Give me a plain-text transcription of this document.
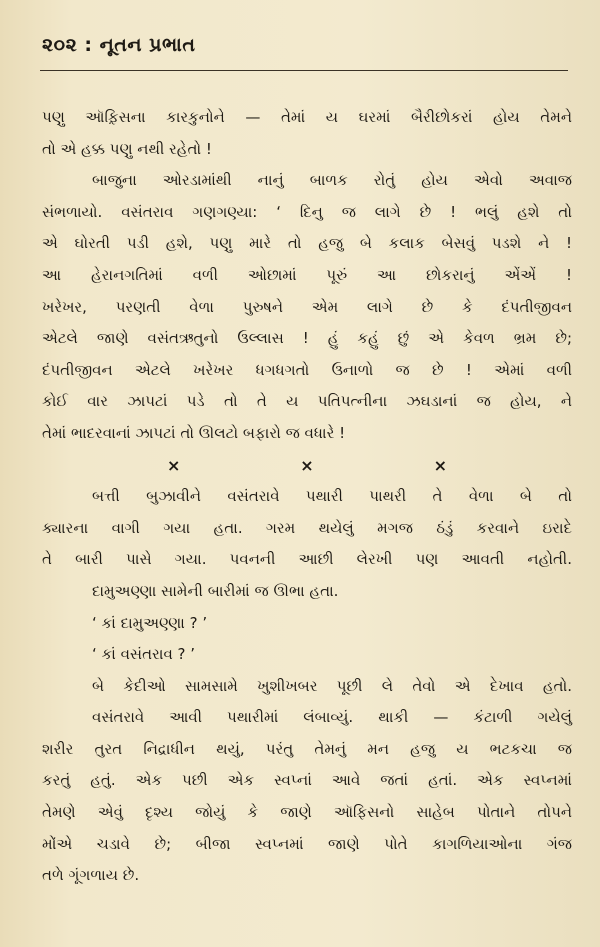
૨૦૨ : નૂતન પ્રભાત

પણુ ઑફ઼િસના કારકુનોને — તેમાં ય ઘરમાં બૈરીછોકરાં હોય તેમને

તો એ હક્ક પણુ નથી રહેતો !

બાજુના ઓરડામાંથી નાનું બાળક રોતું હોય એવો અવાજ

સંભળાયો. વસંતરાવ ગણગણ્યા: ‘ દિનુ જ લાગે છે ! ભલું હશે તો

એ ઘોરતી પડી હશે, પણુ મારે તો હજુ બે કલાક બેસવું પડશે ને !

આ હેરાનગતિમાં વળી ઓછામાં પૂરું આ છોકરાનું એંએં !

ખરેખર, પરણતી વેળા પુરુષને એમ લાગે છે કે દંપતીજીવન

એટલે જાણે વસંતઋતુનો ઉલ્લાસ ! હું કહું છું એ કેવળ ભ્રમ છે;

દંપતીજીવન એટલે ખરેખર ધગધગતો ઉનાળો જ છે ! એમાં વળી

કોઈ વાર ઝાપટાં પડે તો તે ય પતિપત્નીના ઝઘડાનાં જ હોય, ને

તેમાં ભાદરવાનાં ઝાપટાં તો ઊલટો બફારો જ વધારે !

×	×	×

બત્તી બુઝાવીને વસંતરાવે પથારી પાથરી તે વેળા બે તો

ક્યારના વાગી ગયા હતા. ગરમ થયેલું મગજ ઠંડું કરવાને ઇરાદે

તે બારી પાસે ગયા. પવનની આછી લેરખી પણ આવતી નહોતી.

દામુઅણ્ણા સામેની બારીમાં જ ઊભા હતા.

‘ કાં દામુઅણ્ણા ? ’

‘ કાં વસંતરાવ ? ’

બે કેદીઓ સામસામે ખુશીખબર પૂછી લે તેવો એ દેખાવ હતો.

વસંતરાવે આવી પથારીમાં લંબાવ્યું. થાકી — કંટાળી ગયેલું

શરીર તુરત નિદ્રાધીન થયું, પરંતુ તેમનું મન હજુ ય ભટકચા જ

કરતું હતું. એક પછી એક સ્વપ્નાં આવે જતાં હતાં. એક સ્વપ્નમાં

તેમણે એવું દૃશ્ય જોયું કે જાણે ઑફિસનો સાહેબ પોતાને તોપને

મોંએ ચડાવે છે; બીજા સ્વપ્નમાં જાણે પોતે કાગળિયાઓના ગંજ

તળે ગૂંગળાય છે.
